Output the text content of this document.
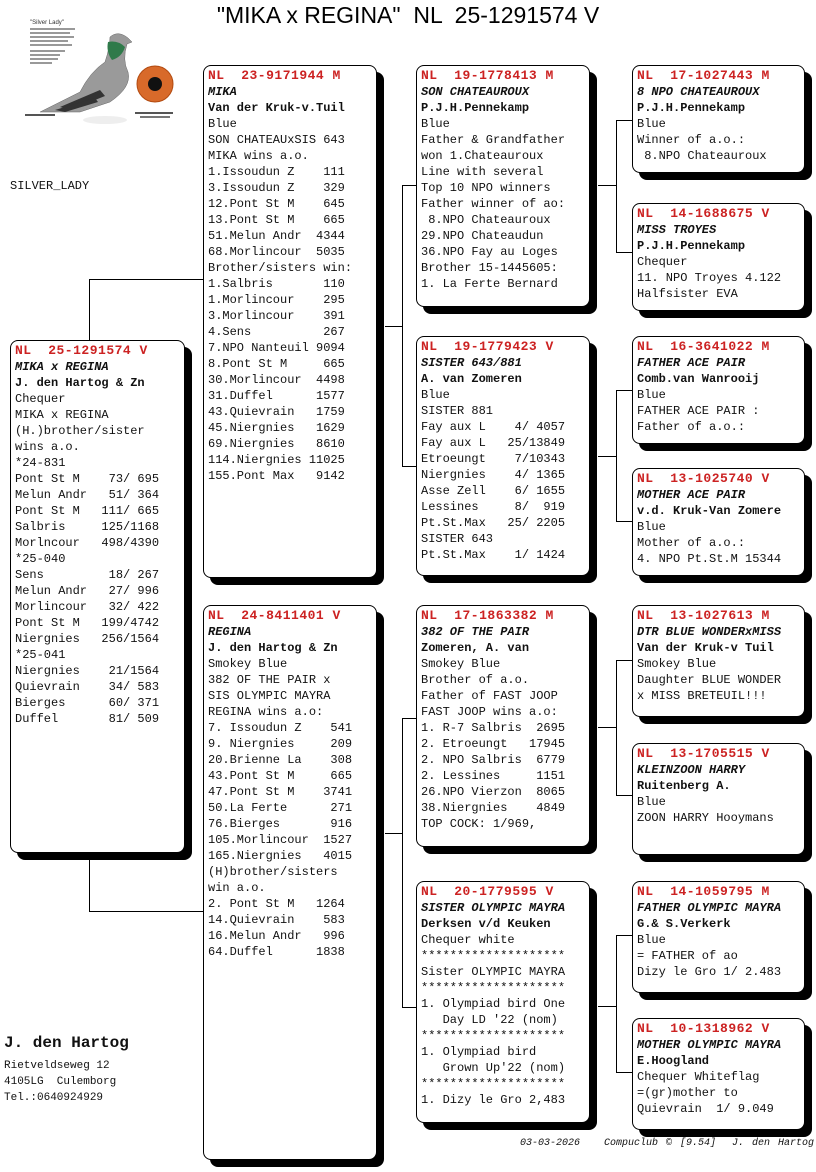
"MIKA x REGINA"  NL  25-1291574 V
"Silver Lady"
SILVER_LADY
NL  25-1291574 V
MIKA x REGINA
J. den Hartog & Zn
Chequer
MIKA x REGINA
(H.)brother/sister
wins a.o.
*24-831
Pont St M    73/ 695
Melun Andr   51/ 364
Pont St M   111/ 665
Salbris     125/1168
Morlncour   498/4390
*25-040
Sens         18/ 267
Melun Andr   27/ 996
Morlincour   32/ 422
Pont St M   199/4742
Niergnies   256/1564
*25-041
Niergnies    21/1564
Quievrain    34/ 583
Bierges      60/ 371
Duffel       81/ 509
NL  23-9171944 M
MIKA
Van der Kruk-v.Tuil
Blue
SON CHATEAUxSIS 643
MIKA wins a.o.
1.Issoudun Z    111
3.Issoudun Z    329
12.Pont St M    645
13.Pont St M    665
51.Melun Andr  4344
68.Morlincour  5035
Brother/sisters win:
1.Salbris       110
1.Morlincour    295
3.Morlincour    391
4.Sens          267
7.NPO Nanteuil 9094
8.Pont St M     665
30.Morlincour  4498
31.Duffel      1577
43.Quievrain   1759
45.Niergnies   1629
69.Niergnies   8610
114.Niergnies 11025
155.Pont Max   9142
NL  24-8411401 V
REGINA
J. den Hartog & Zn
Smokey Blue
382 OF THE PAIR x
SIS OLYMPIC MAYRA
REGINA wins a.o:
7. Issoudun Z    541
9. Niergnies     209
20.Brienne La    308
43.Pont St M     665
47.Pont St M    3741
50.La Ferte      271
76.Bierges       916
105.Morlincour  1527
165.Niergnies   4015
(H)brother/sisters
win a.o.
2. Pont St M   1264
14.Quievrain    583
16.Melun Andr   996
64.Duffel      1838
NL  19-1778413 M
SON CHATEAUROUX
P.J.H.Pennekamp
Blue
Father & Grandfather
won 1.Chateauroux
Line with several
Top 10 NPO winners
Father winner of ao:
8.NPO Chateauroux
29.NPO Chateaudun
36.NPO Fay au Loges
Brother 15-1445605:
1. La Ferte Bernard
NL  19-1779423 V
SISTER 643/881
A. van Zomeren
Blue
SISTER 881
Fay aux L    4/ 4057
Fay aux L   25/13849
Etroeungt    7/10343
Niergnies    4/ 1365
Asse Zell    6/ 1655
Lessines     8/  919
Pt.St.Max   25/ 2205
SISTER 643
Pt.St.Max    1/ 1424
NL  17-1863382 M
382 OF THE PAIR
Zomeren, A. van
Smokey Blue
Brother of a.o.
Father of FAST JOOP
FAST JOOP wins a.o:
1. R-7 Salbris  2695
2. Etroeungt   17945
2. NPO Salbris  6779
2. Lessines     1151
26.NPO Vierzon  8065
38.Niergnies    4849
TOP COCK: 1/969,
NL  20-1779595 V
SISTER OLYMPIC MAYRA
Derksen v/d Keuken
Chequer white
********************
Sister OLYMPIC MAYRA
********************
1. Olympiad bird One
Day LD '22 (nom)
********************
1. Olympiad bird
Grown Up'22 (nom)
********************
1. Dizy le Gro 2,483
NL  17-1027443 M
8 NPO CHATEAUROUX
P.J.H.Pennekamp
Blue
Winner of a.o.:
8.NPO Chateauroux
NL  14-1688675 V
MISS TROYES
P.J.H.Pennekamp
Chequer
11. NPO Troyes 4.122
Halfsister EVA
NL  16-3641022 M
FATHER ACE PAIR
Comb.van Wanrooij
Blue
FATHER ACE PAIR :
Father of a.o.:
NL  13-1025740 V
MOTHER ACE PAIR
v.d. Kruk-Van Zomere
Blue
Mother of a.o.:
4. NPO Pt.St.M 15344
NL  13-1027613 M
DTR BLUE WONDERxMISS
Van der Kruk-v Tuil
Smokey Blue
Daughter BLUE WONDER
x MISS BRETEUIL!!!
NL  13-1705515 V
KLEINZOON HARRY
Ruitenberg A.
Blue
ZOON HARRY Hooymans
NL  14-1059795 M
FATHER OLYMPIC MAYRA
G.& S.Verkerk
Blue
= FATHER of ao
Dizy le Gro 1/ 2.483
NL  10-1318962 V
MOTHER OLYMPIC MAYRA
E.Hoogland
Chequer Whiteflag
=(gr)mother to
Quievrain  1/ 9.049
J. den Hartog
Rietveldseweg 12
4105LG  Culemborg
Tel.:0640924929
03-03-2026   Compuclub © [9.54]  J. den Hartog
